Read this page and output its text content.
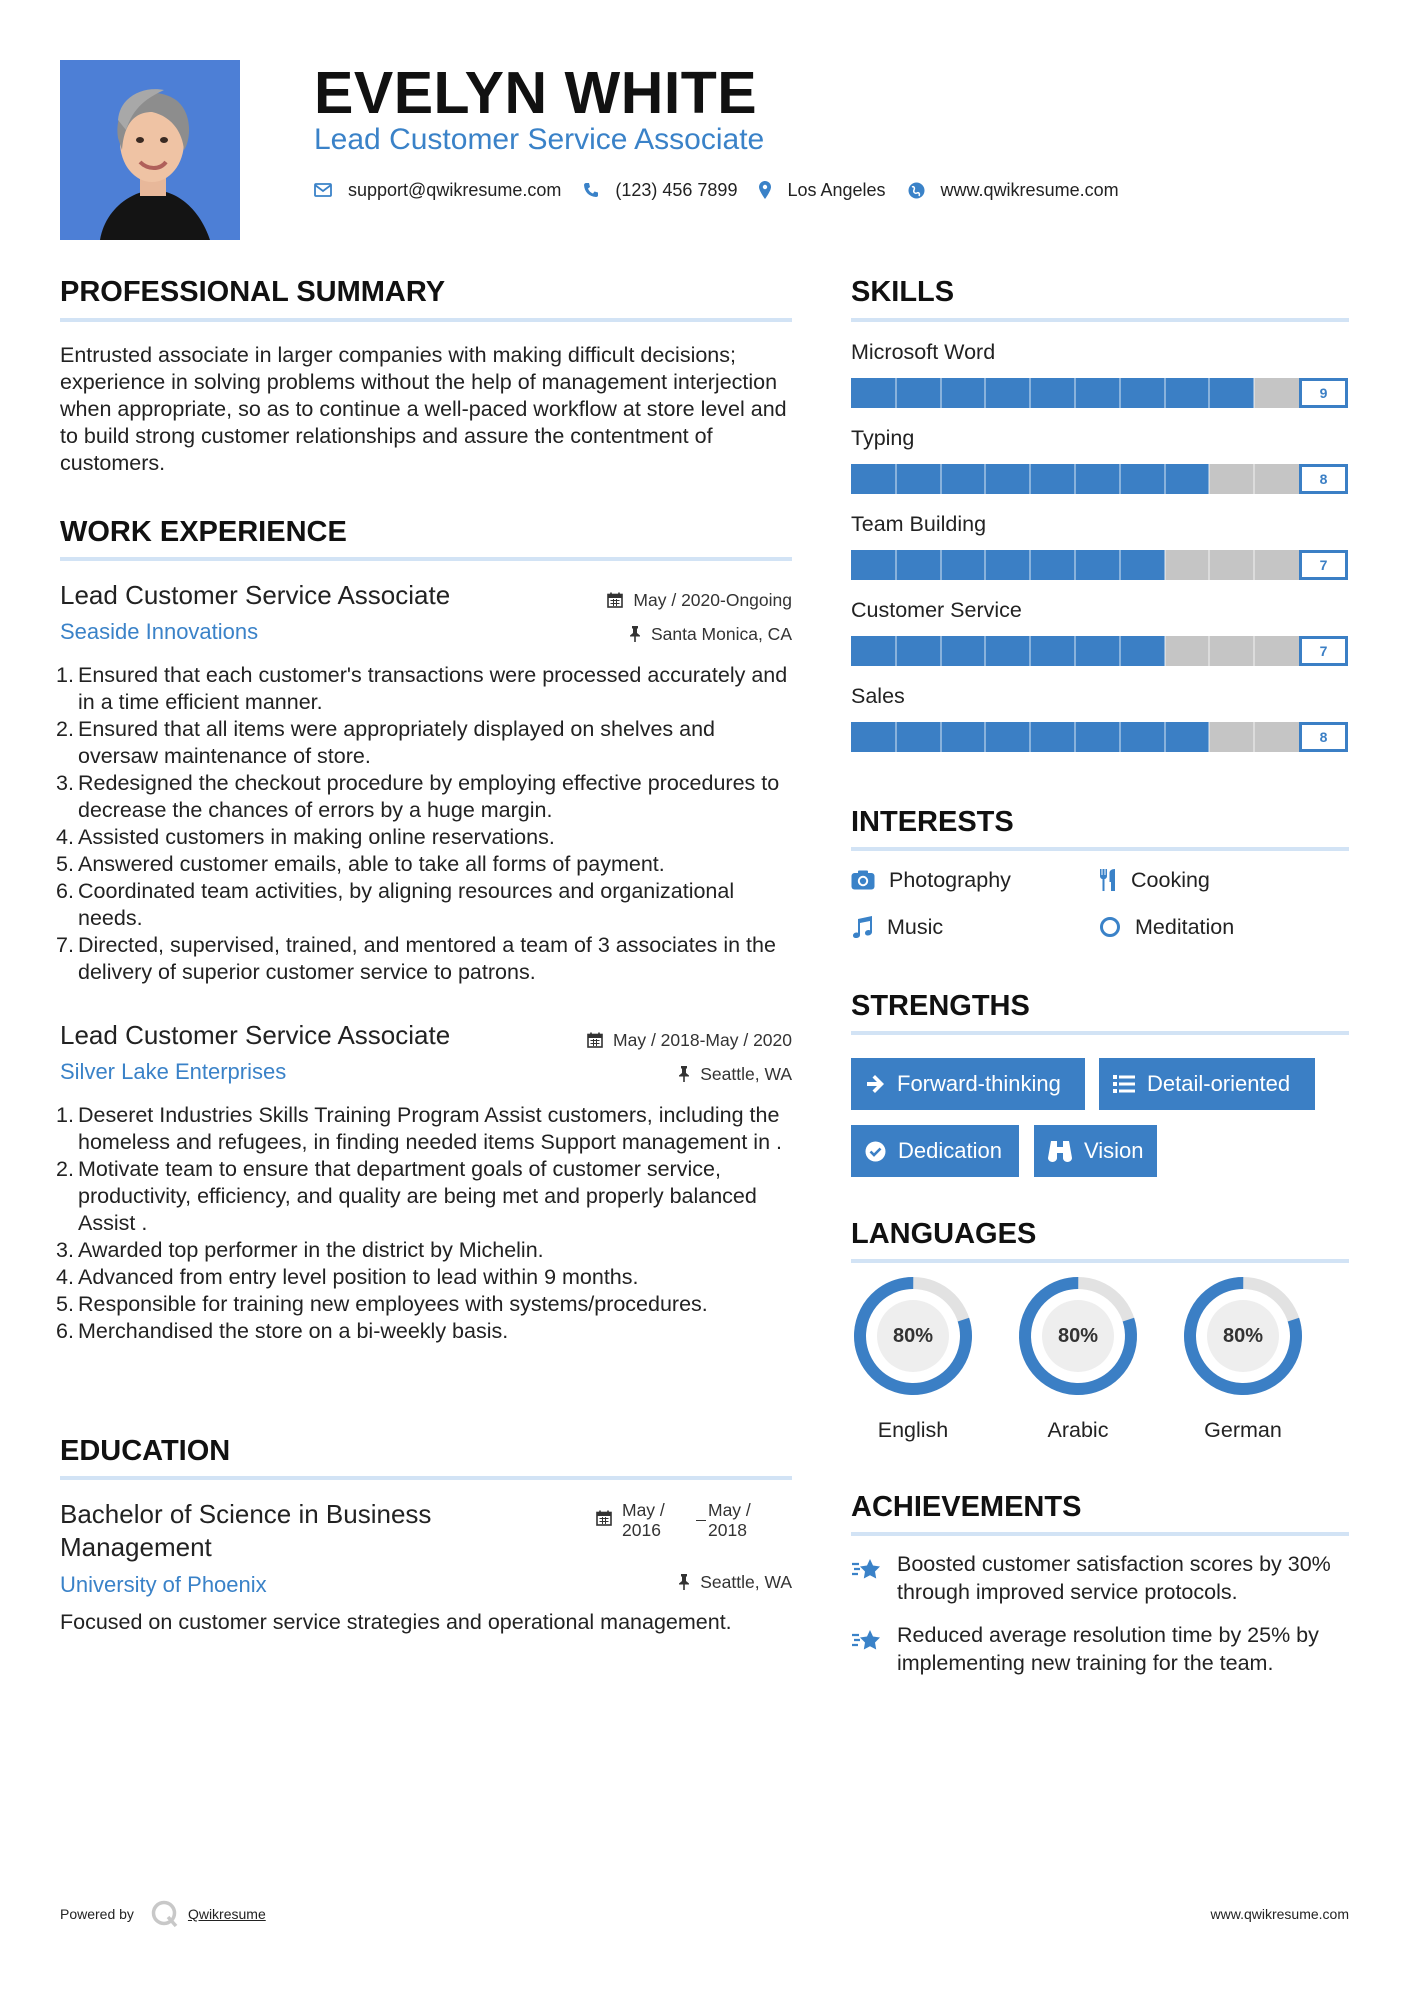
EVELYN WHITE
Lead Customer Service Associate
support@qwikresume.com	(123) 456 7899	Los Angeles	www.qwikresume.com
PROFESSIONAL SUMMARY
Entrusted associate in larger companies with making difficult decisions; experience in solving problems without the help of management interjection when appropriate, so as to continue a well-paced workflow at store level and to build strong customer relationships and assure the contentment of customers.
WORK EXPERIENCE
Lead Customer Service Associate
Seaside Innovations
May / 2020-Ongoing
Santa Monica, CA
1. Ensured that each customer's transactions were processed accurately and in a time efficient manner.
2. Ensured that all items were appropriately displayed on shelves and oversaw maintenance of store.
3. Redesigned the checkout procedure by employing effective procedures to decrease the chances of errors by a huge margin.
4. Assisted customers in making online reservations.
5. Answered customer emails, able to take all forms of payment.
6. Coordinated team activities, by aligning resources and organizational needs.
7. Directed, supervised, trained, and mentored a team of 3 associates in the delivery of superior customer service to patrons.
Lead Customer Service Associate
Silver Lake Enterprises
May / 2018-May / 2020
Seattle, WA
1. Deseret Industries Skills Training Program Assist customers, including the homeless and refugees, in finding needed items Support management in .
2. Motivate team to ensure that department goals of customer service, productivity, efficiency, and quality are being met and properly balanced Assist .
3. Awarded top performer in the district by Michelin.
4. Advanced from entry level position to lead within 9 months.
5. Responsible for training new employees with systems/procedures.
6. Merchandised the store on a bi-weekly basis.
EDUCATION
Bachelor of Science in Business
Management
University of Phoenix
May /
2016
May /
2018
Seattle, WA
Focused on customer service strategies and operational management.
SKILLS
Microsoft Word
9
Typing
8
Team Building
7
Customer Service
7
Sales
8
INTERESTS
Photography	Cooking
Music	Meditation
STRENGTHS
Forward-thinking	Detail-oriented
Dedication	Vision
LANGUAGES
80%
English
80%
Arabic
80%
German
ACHIEVEMENTS
Boosted customer satisfaction scores by 30% through improved service protocols.
Reduced average resolution time by 25% by implementing new training for the team.
Powered by	Qwikresume	www.qwikresume.com
